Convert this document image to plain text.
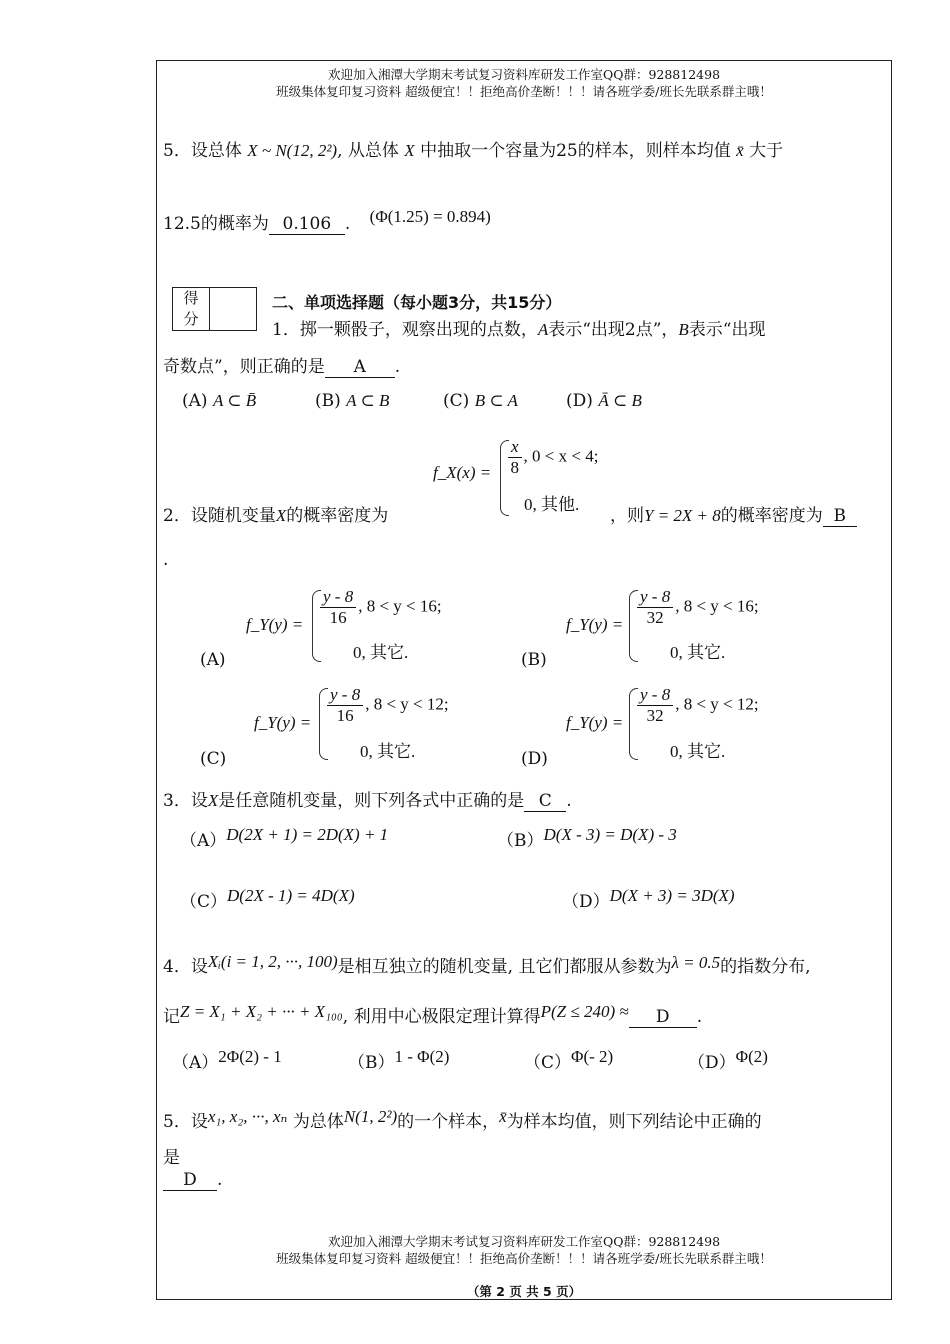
欢迎加入湘潭大学期末考试复习资料库研发工作室QQ群：928812498
班级集体复印复习资料 超级便宜！！拒绝高价垄断！！！请各班学委/班长先联系群主哦！
5．设总体 X ~ N(12, 2²), 从总体 X 中抽取一个容量为25的样本，则样本均值 x̄ 大于
12.5的概率为 0.106 . (Φ(1.25) = 0.894)
得
分
二、单项选择题（每小题3分，共15分）
1．掷一颗骰子，观察出现的点数，A表示“出现2点”，B表示“出现
奇数点”，则正确的是 A .
(A) A ⊂ B̄	(B) A ⊂ B	(C) B ⊂ A	(D) Ā ⊂ B
f_X(x) = $\frac{x}{8}$ , 0 < x < 4;
0, 其他.
2．设随机变量X的概率密度为	，则Y = 2X + 8的概率密度为 B
.
(A)
f_Y(y) = $\frac{y - 8}{16}$ , 8 < y < 16;
0, 其它.	(B)
f_Y(y) = $\frac{y - 8}{32}$ , 8 < y < 16;
0, 其它.
(C)
f_Y(y) = $\frac{y - 8}{16}$ , 8 < y < 12;
0, 其它.	(D)
f_Y(y) = $\frac{y - 8}{32}$ , 8 < y < 12;
0, 其它.
3．设X是任意随机变量，则下列各式中正确的是 C .
（A）D(2X + 1) = 2D(X) + 1	（B）D(X - 3) = D(X) - 3
（C）D(2X - 1) = 4D(X)	（D）D(X + 3) = 3D(X)
4．设Xᵢ(i = 1, 2, ···, 100)是相互独立的随机变量, 且它们都服从参数为λ = 0.5的指数分布,
记Z = X₁ + X₂ + ··· + X₁₀₀, 利用中心极限定理计算得P(Z ≤ 240) ≈ D .
（A）2Φ(2) - 1	（B）1 - Φ(2)	（C）Φ(- 2)	（D）Φ(2)
5．设x₁, x₂, ···, xₙ 为总体N(1, 2²)的一个样本，x̄为样本均值，则下列结论中正确的
是
D .
欢迎加入湘潭大学期末考试复习资料库研发工作室QQ群：928812498
班级集体复印复习资料 超级便宜！！拒绝高价垄断！！！请各班学委/班长先联系群主哦！
（第 2 页 共 5 页）
